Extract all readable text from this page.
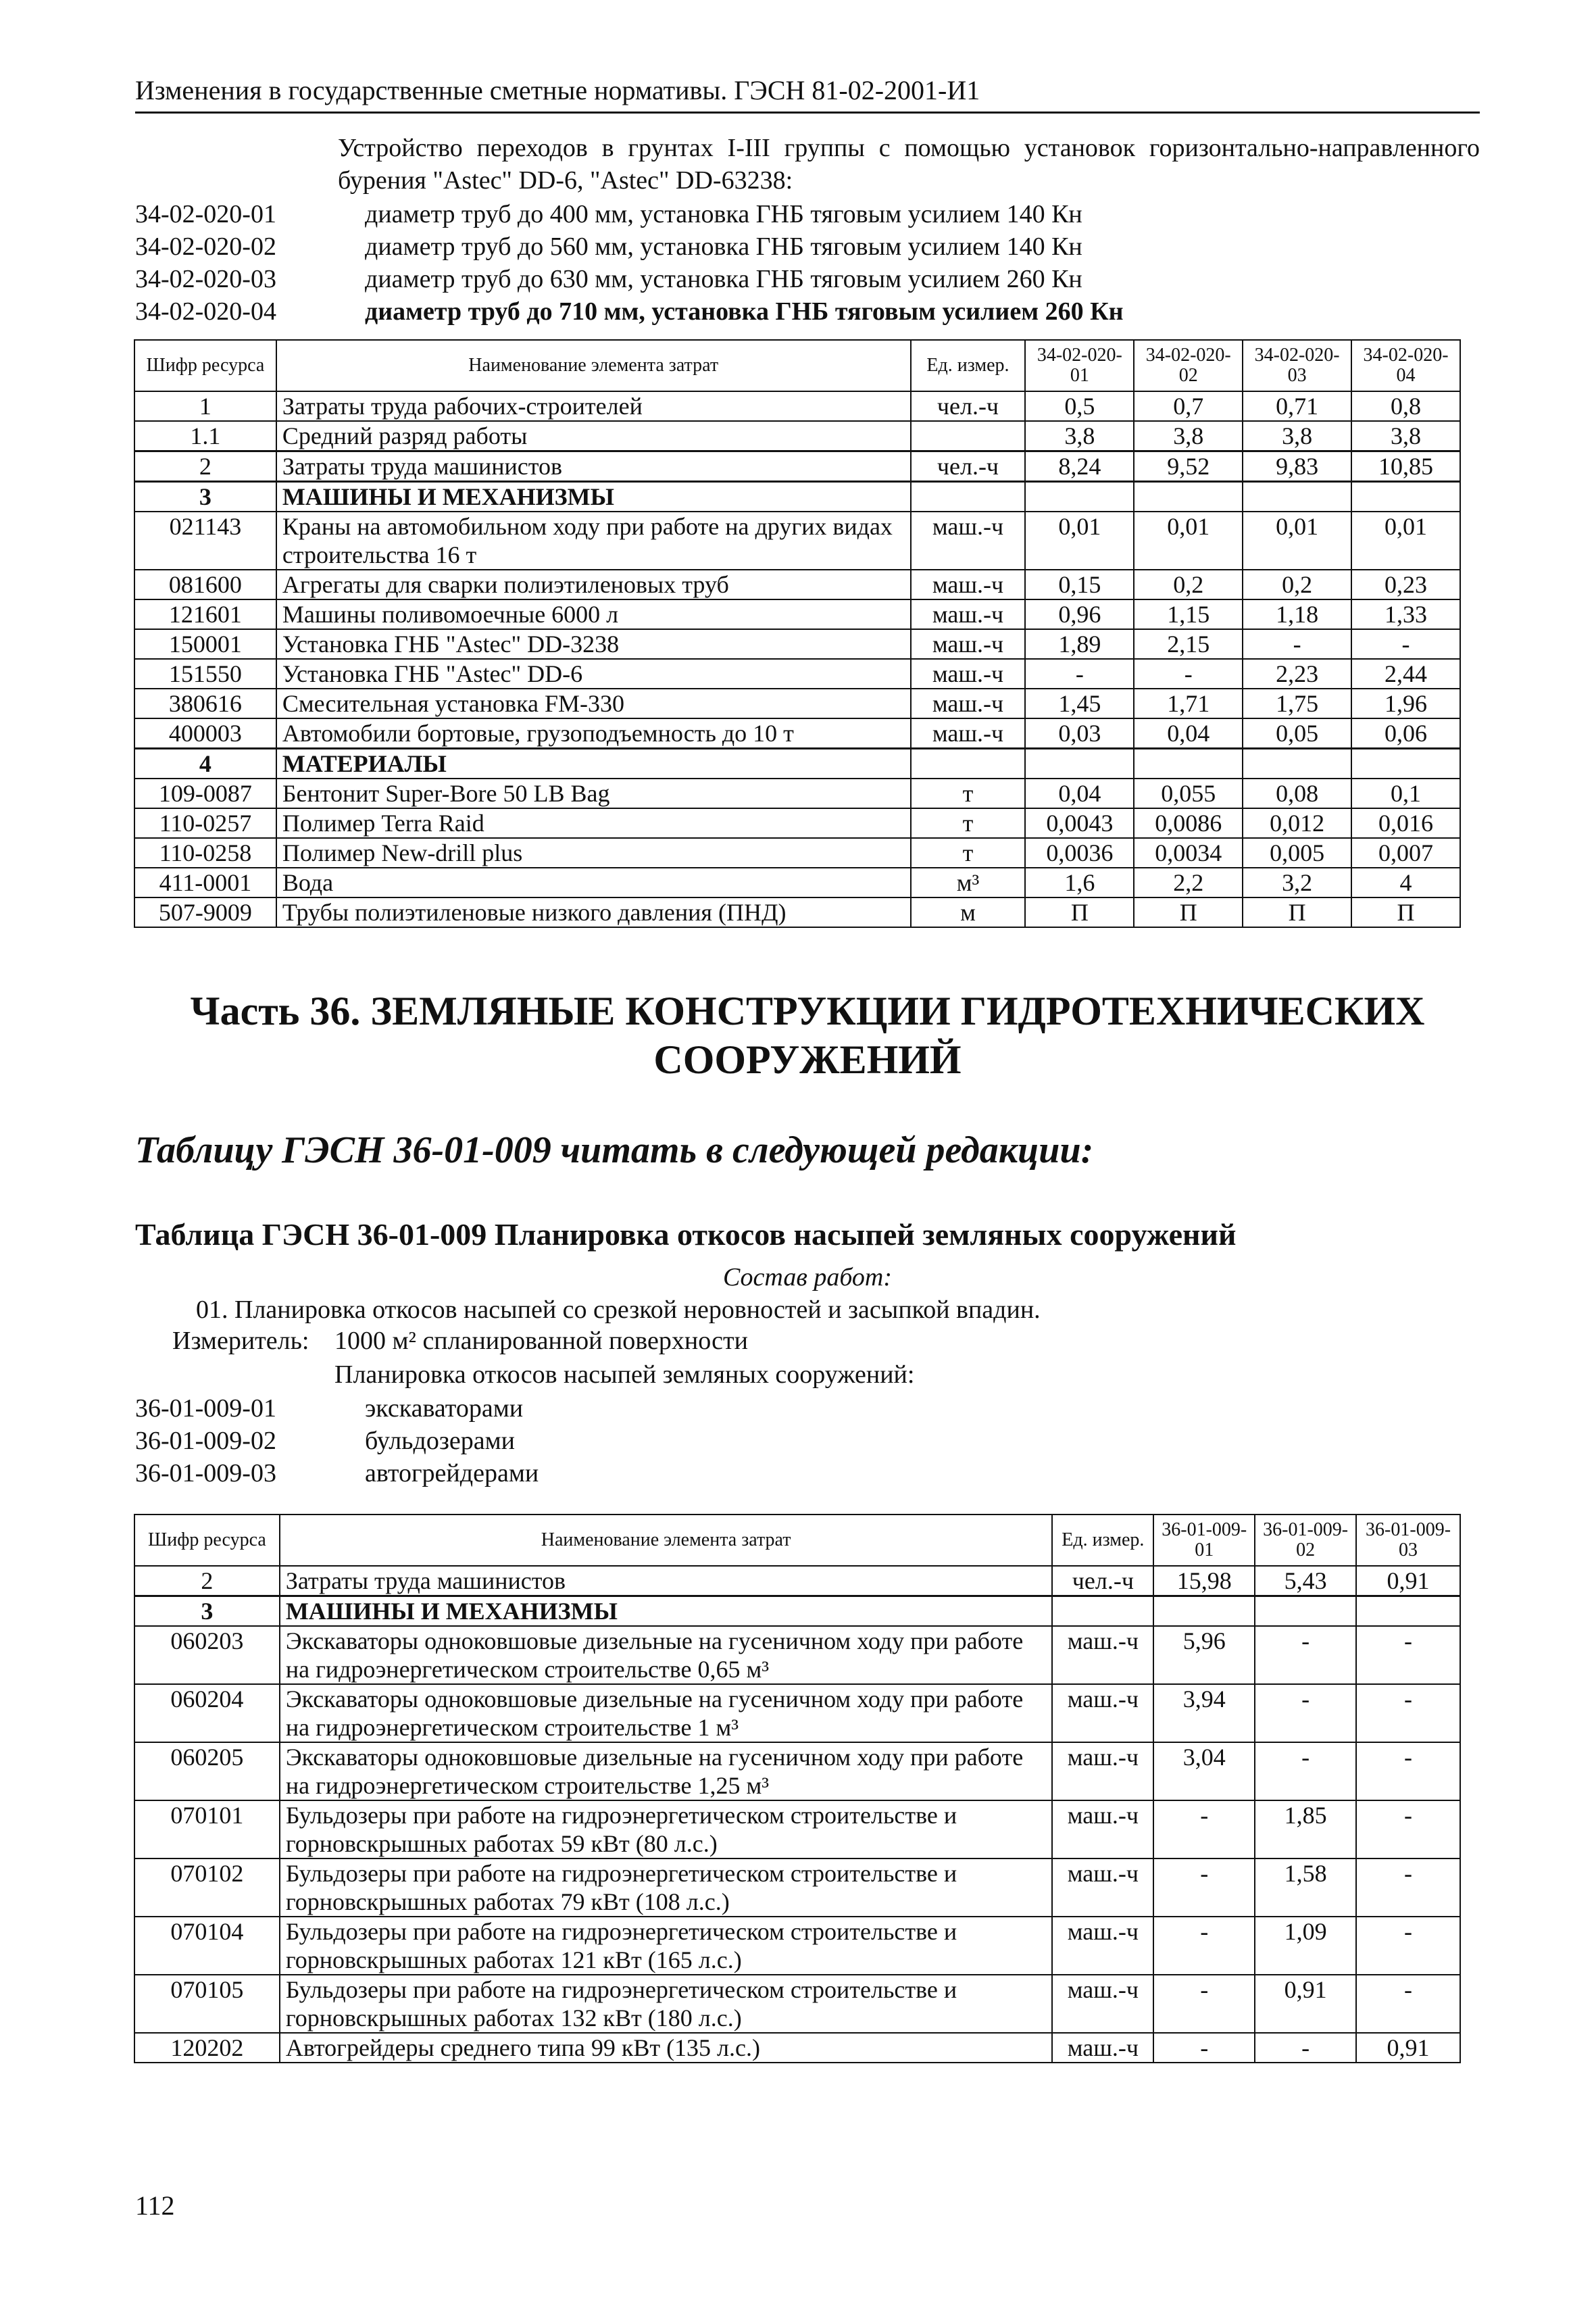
Изменения в государственные сметные нормативы. ГЭСН 81-02-2001-И1
Устройство переходов в грунтах I-III группы с помощью установок горизонтально-направленного бурения "Astec" DD-6, "Astec" DD-63238:
34-02-020-01	диаметр труб до 400 мм, установка ГНБ тяговым усилием 140 Кн
34-02-020-02	диаметр труб до 560 мм, установка ГНБ тяговым усилием 140 Кн
34-02-020-03	диаметр труб до 630 мм, установка ГНБ тяговым усилием 260 Кн
34-02-020-04	диаметр труб до 710 мм, установка ГНБ тяговым усилием 260 Кн
Шифр ресурса	Наименование элемента затрат	Ед. измер.	34-02-020-01	34-02-020-02	34-02-020-03	34-02-020-04
1	Затраты труда рабочих-строителей	чел.-ч	0,5	0,7	0,71	0,8
1.1	Средний разряд работы		3,8	3,8	3,8	3,8
2	Затраты труда машинистов	чел.-ч	8,24	9,52	9,83	10,85
3	МАШИНЫ И МЕХАНИЗМЫ					
021143	Краны на автомобильном ходу при работе на других видах строительства 16 т	маш.-ч	0,01	0,01	0,01	0,01
081600	Агрегаты для сварки полиэтиленовых труб	маш.-ч	0,15	0,2	0,2	0,23
121601	Машины поливомоечные 6000 л	маш.-ч	0,96	1,15	1,18	1,33
150001	Установка ГНБ "Astec" DD-3238	маш.-ч	1,89	2,15	-	-
151550	Установка ГНБ "Astec" DD-6	маш.-ч	-	-	2,23	2,44
380616	Смесительная установка FM-330	маш.-ч	1,45	1,71	1,75	1,96
400003	Автомобили бортовые, грузоподъемность до 10 т	маш.-ч	0,03	0,04	0,05	0,06
4	МАТЕРИАЛЫ					
109-0087	Бентонит Super-Bore 50 LB Bag	т	0,04	0,055	0,08	0,1
110-0257	Полимер Terra Raid	т	0,0043	0,0086	0,012	0,016
110-0258	Полимер New-drill plus	т	0,0036	0,0034	0,005	0,007
411-0001	Вода	м³	1,6	2,2	3,2	4
507-9009	Трубы полиэтиленовые низкого давления (ПНД)	м	П	П	П	П
Часть 36. ЗЕМЛЯНЫЕ КОНСТРУКЦИИ ГИДРОТЕХНИЧЕСКИХ
СООРУЖЕНИЙ
Таблицу ГЭСН 36-01-009 читать в следующей редакции:
Таблица ГЭСН 36-01-009 Планировка откосов насыпей земляных сооружений
Состав работ:
01. Планировка откосов насыпей со срезкой неровностей и засыпкой впадин.
Измеритель: 1000 м² спланированной поверхности
Планировка откосов насыпей земляных сооружений:
36-01-009-01	экскаваторами
36-01-009-02	бульдозерами
36-01-009-03	автогрейдерами
Шифр ресурса	Наименование элемента затрат	Ед. измер.	36-01-009-01	36-01-009-02	36-01-009-03
2	Затраты труда машинистов	чел.-ч	15,98	5,43	0,91
3	МАШИНЫ И МЕХАНИЗМЫ				
060203	Экскаваторы одноковшовые дизельные на гусеничном ходу при работе на гидроэнергетическом строительстве 0,65 м³	маш.-ч	5,96	-	-
060204	Экскаваторы одноковшовые дизельные на гусеничном ходу при работе на гидроэнергетическом строительстве 1 м³	маш.-ч	3,94	-	-
060205	Экскаваторы одноковшовые дизельные на гусеничном ходу при работе на гидроэнергетическом строительстве 1,25 м³	маш.-ч	3,04	-	-
070101	Бульдозеры при работе на гидроэнергетическом строительстве и горновскрышных работах 59 кВт (80 л.с.)	маш.-ч	-	1,85	-
070102	Бульдозеры при работе на гидроэнергетическом строительстве и горновскрышных работах 79 кВт (108 л.с.)	маш.-ч	-	1,58	-
070104	Бульдозеры при работе на гидроэнергетическом строительстве и горновскрышных работах 121 кВт (165 л.с.)	маш.-ч	-	1,09	-
070105	Бульдозеры при работе на гидроэнергетическом строительстве и горновскрышных работах 132 кВт (180 л.с.)	маш.-ч	-	0,91	-
120202	Автогрейдеры среднего типа 99 кВт (135 л.с.)	маш.-ч	-	-	0,91
112
